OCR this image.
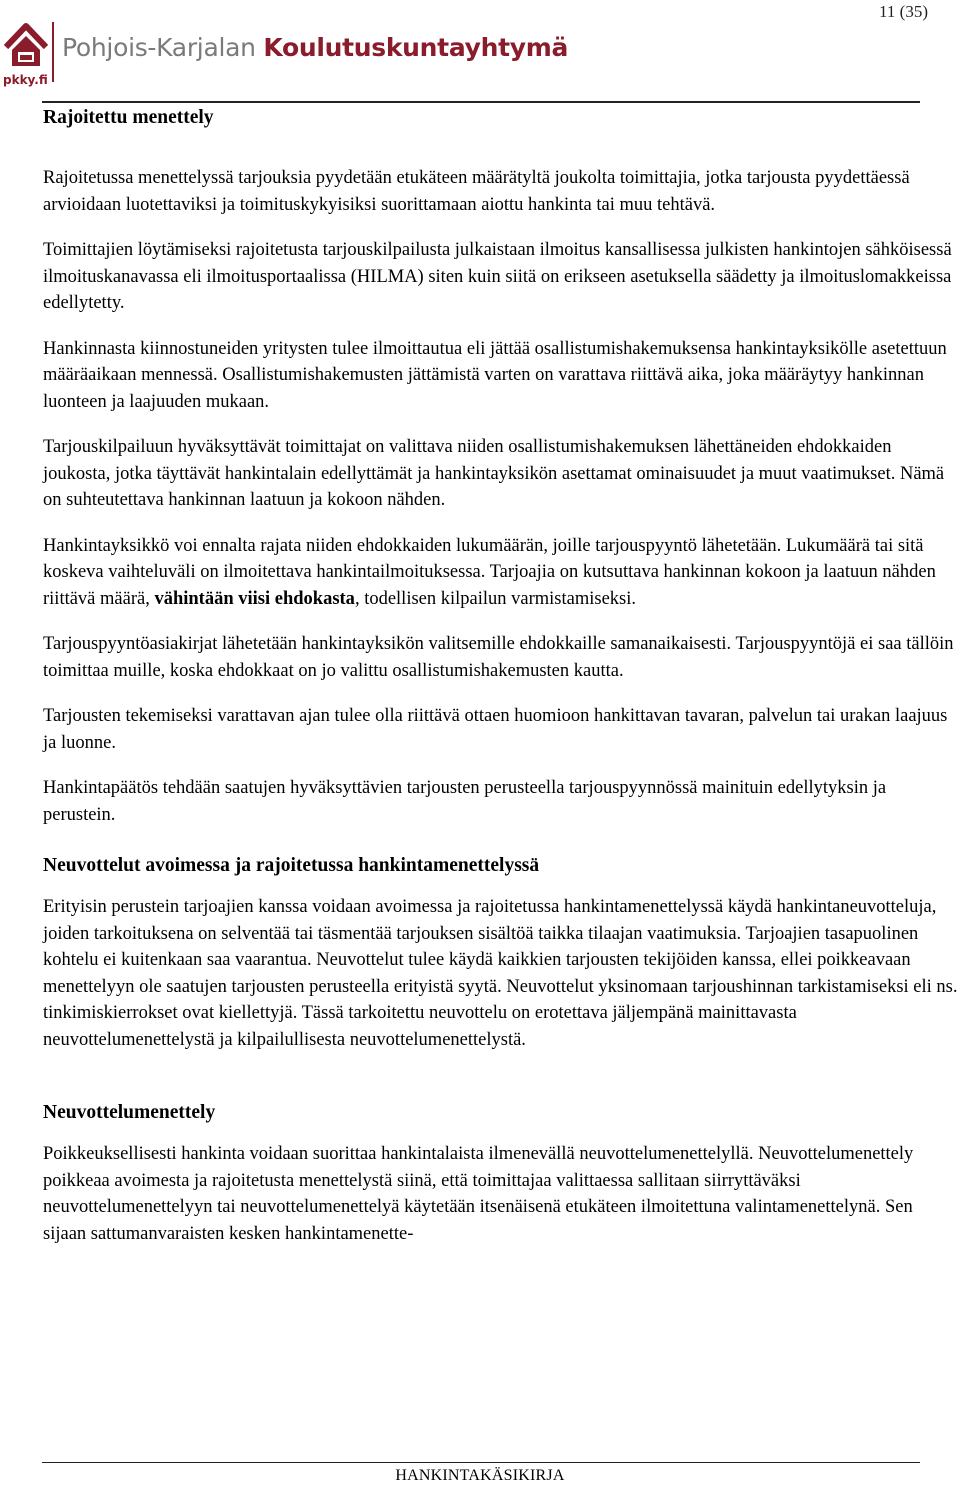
pkky.fi
Pohjois-Karjalan Koulutuskuntayhtymä
11 (35)
Rajoitettu menettely

Rajoitetussa menettelyssä tarjouksia pyydetään etukäteen määrätyltä joukolta toimittajia, jotka tarjousta pyydettäessä arvioidaan luotettaviksi ja toimituskykyisiksi suorittamaan aiottu hankinta tai muu tehtävä.

Toimittajien löytämiseksi rajoitetusta tarjouskilpailusta julkaistaan ilmoitus kansallisessa julkisten hankintojen sähköisessä ilmoituskanavassa eli ilmoitusportaalissa (HILMA) siten kuin siitä on erikseen asetuksella säädetty ja ilmoituslomakkeissa edellytetty.

Hankinnasta kiinnostuneiden yritysten tulee ilmoittautua eli jättää osallistumishakemuksensa hankintayksikölle asetettuun määräaikaan mennessä. Osallistumishakemusten jättämistä varten on varattava riittävä aika, joka määräytyy hankinnan luonteen ja laajuuden mukaan.

Tarjouskilpailuun hyväksyttävät toimittajat on valittava niiden osallistumishakemuksen lähettäneiden ehdokkaiden joukosta, jotka täyttävät hankintalain edellyttämät ja hankintayksikön asettamat ominaisuudet ja muut vaatimukset. Nämä on suhteutettava hankinnan laatuun ja kokoon nähden.

Hankintayksikkö voi ennalta rajata niiden ehdokkaiden lukumäärän, joille tarjouspyyntö lähetetään. Lukumäärä tai sitä koskeva vaihteluväli on ilmoitettava hankintailmoituksessa. Tarjoajia on kutsuttava hankinnan kokoon ja laatuun nähden riittävä määrä, vähintään viisi ehdokasta, todellisen kilpailun varmistamiseksi.

Tarjouspyyntöasiakirjat lähetetään hankintayksikön valitsemille ehdokkaille samanaikaisesti. Tarjouspyyntöjä ei saa tällöin toimittaa muille, koska ehdokkaat on jo valittu osallistumishakemusten kautta.

Tarjousten tekemiseksi varattavan ajan tulee olla riittävä ottaen huomioon hankittavan tavaran, palvelun tai urakan laajuus ja luonne.

Hankintapäätös tehdään saatujen hyväksyttävien tarjousten perusteella tarjouspyynnössä mainituin edellytyksin ja perustein.

Neuvottelut avoimessa ja rajoitetussa hankintamenettelyssä

Erityisin perustein tarjoajien kanssa voidaan avoimessa ja rajoitetussa hankintamenettelyssä käydä hankintaneuvotteluja, joiden tarkoituksena on selventää tai täsmentää tarjouksen sisältöä taikka tilaajan vaatimuksia. Tarjoajien tasapuolinen kohtelu ei kuitenkaan saa vaarantua. Neuvottelut tulee käydä kaikkien tarjousten tekijöiden kanssa, ellei poikkeavaan menettelyyn ole saatujen tarjousten perusteella erityistä syytä. Neuvottelut yksinomaan tarjoushinnan tarkistamiseksi eli ns. tinkimiskierrokset ovat kiellettyjä. Tässä tarkoitettu neuvottelu on erotettava jäljempänä mainittavasta neuvottelumenettelystä ja kilpailullisesta neuvottelumenettelystä.

Neuvottelumenettely

Poikkeuksellisesti hankinta voidaan suorittaa hankintalaista ilmenevällä neuvottelumenettelyllä. Neuvottelumenettely poikkeaa avoimesta ja rajoitetusta menettelystä siinä, että toimittajaa valittaessa sallitaan siirryttäväksi neuvottelumenettelyyn tai neuvottelumenettelyä käytetään itsenäisenä etukäteen ilmoitettuna valintamenettelynä. Sen sijaan sattumanvaraisten kesken hankintamenette-

HANKINTAKÄSIKIRJA
